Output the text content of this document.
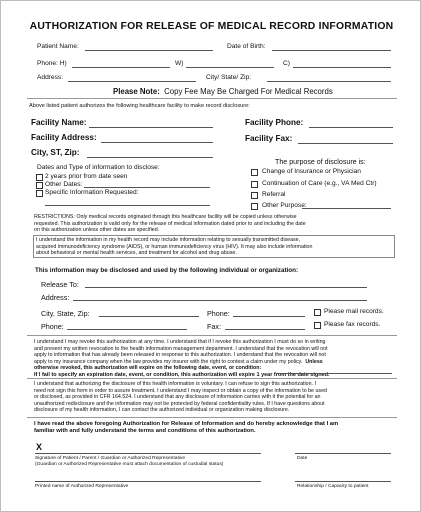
AUTHORIZATION FOR RELEASE OF MEDICAL RECORD INFORMATION
Patient Name:	Date of Birth:
Phone: H)	W)	C)
Address:	City/ State/ Zip:
Please Note: Copy Fee May Be Charged For Medical Records
Above listed patient authorizes the following healthcare facility to make record disclosure:
Facility Name:	Facility Phone:
Facility Address:	Facility Fax:
City, ST, Zip:
Dates and Type of information to disclose:
2 years prior from date seen
Other Dates:
Specific Information Requested:
The purpose of disclosure is:
Change of Insurance or Physician
Continuation of Care (e.g., VA Med Ctr)
Referral
Other Purpose:
RESTRICTIONS: Only medical records originated through this healthcare facility will be copied unless otherwise
requested. This authorization is valid only for the release of medical information dated prior to and including the date
on this authorization unless other dates are specified.
I understand the information in my health record may include information relating to sexually transmitted disease,
acquired immunodeficiency syndrome (AIDS), or human immunodeficiency virus (HIV). It may also include information
about behavioral or mental health services, and treatment for alcohol and drug abuse.
This information may be disclosed and used by the following individual or organization:
Release To:
Address:
City, State, Zip:	Phone:	Please mail records.
Phone:	Fax:	Please fax records.
I understand I may revoke this authorization at any time. I understand that if I revoke this authorization I must do so in writing
and present my written revocation to the health information management department. I understand that the revocation will not
apply to information that has already been released in response to this authorization. I understand that the revocation will not
apply to my insurance company when the law provides my insurer with the right to contest a claim under my policy. Unless
otherwise revoked, this authorization will expire on the following date, event, or condition:
If I fail to specify an expiration date, event, or condition, this authorization will expire 1 year from the date signed.
I understand that authorizing the disclosure of this health information is voluntary. I can refuse to sign this authorization. I
need not sign this form in order to assure treatment. I understand I may inspect or obtain a copy of the information to be used
or disclosed, as provided in CFR 164.524. I understand that any disclosure of information carries with it the potential for an
unauthorized redisclosure and the information may not be protected by federal confidentiality rules. If I have questions about
disclosure of my health information, I can contact the authorized individual or organization making disclosure.
I have read the above foregoing Authorization for Release of Information and do hereby acknowledge that I am
familiar with and fully understand the terms and conditions of this authorization.
X
Signature of Patient / Parent / Guardian or Authorized Representative
(Guardian or Authorized Representative must attach documentation of custodial status)
Date
Printed name of Authorized Representative	Relationship / Capacity to patient
